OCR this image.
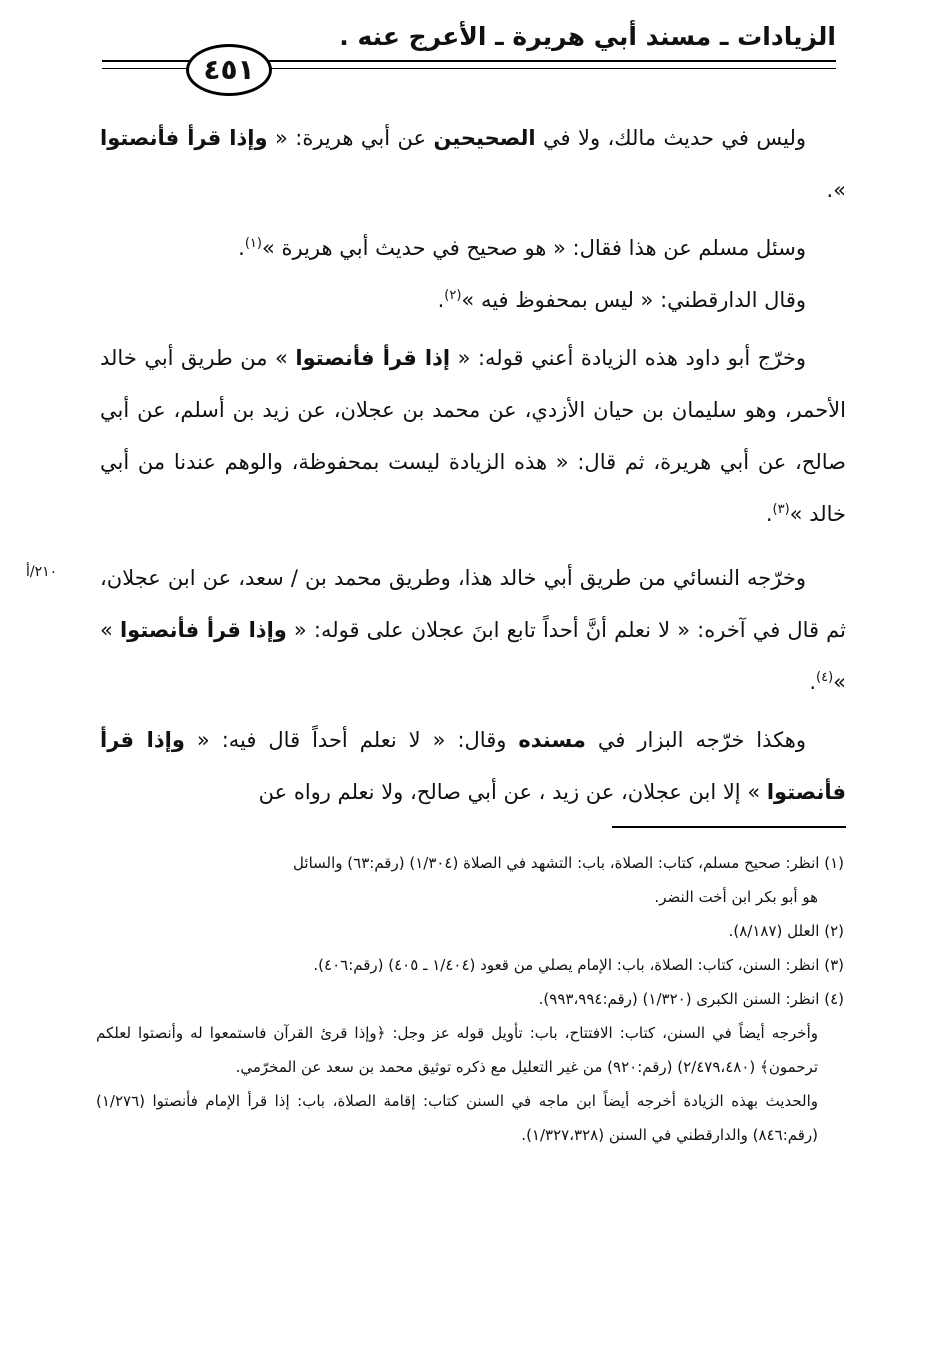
الزيادات ـ مسند أبي هريرة ـ الأعرج عنه .
٤٥١
٢١٠/أ

وليس في حديث مالك، ولا في الصحيحين عن أبي هريرة: « وإذا قرأ فأنصتوا ».

وسئل مسلم عن هذا فقال: « هو صحيح في حديث أبي هريرة »$^{(١)}$.

وقال الدارقطني: « ليس بمحفوظ فيه »$^{(٢)}$.

وخرّج أبو داود هذه الزيادة أعني قوله: « إذا قرأ فأنصتوا » من طريق أبي خالد الأحمر، وهو سليمان بن حيان الأزدي، عن محمد بن عجلان، عن زيد بن أسلم، عن أبي صالح، عن أبي هريرة، ثم قال: « هذه الزيادة ليست بمحفوظة، والوهم عندنا من أبي خالد »$^{(٣)}$.

وخرّجه النسائي من طريق أبي خالد هذا، وطريق محمد بن / سعد، عن ابن عجلان، ثم قال في آخره: « لا نعلم أنَّ أحداً تابع ابنَ عجلان على قوله: « وإذا قرأ فأنصتوا » »$^{(٤)}$.

وهكذا خرّجه البزار في مسنده وقال: « لا نعلم أحداً قال فيه: « وإذا قرأ فأنصتوا » إلا ابن عجلان، عن زيد ، عن أبي صالح، ولا نعلم رواه عن

(١) انظر: صحيح مسلم، كتاب: الصلاة، باب: التشهد في الصلاة (١/٣٠٤) (رقم:٦٣) والسائل

هو أبو بكر ابن أخت النضر.

(٢) العلل (٨/١٨٧).

(٣) انظر: السنن، كتاب: الصلاة، باب: الإمام يصلي من قعود (١/٤٠٤ ـ ٤٠٥) (رقم:٤٠٦).

(٤) انظر: السنن الكبرى (١/٣٢٠) (رقم:٩٩٣،٩٩٤).

وأخرجه أيضاً في السنن، كتاب: الافتتاح، باب: تأويل قوله عز وجل: ﴿وإذا قرئ القرآن فاستمعوا له وأنصتوا لعلكم ترحمون﴾ (٢/٤٧٩،٤٨٠) (رقم:٩٢٠) من غير التعليل مع ذكره توثيق محمد بن سعد عن المخرّمي.

والحديث بهذه الزيادة أخرجه أيضاً ابن ماجه في السنن كتاب: إقامة الصلاة، باب: إذا قرأ الإمام فأنصتوا (١/٢٧٦) (رقم:٨٤٦) والدارقطني في السنن (١/٣٢٧،٣٢٨).
